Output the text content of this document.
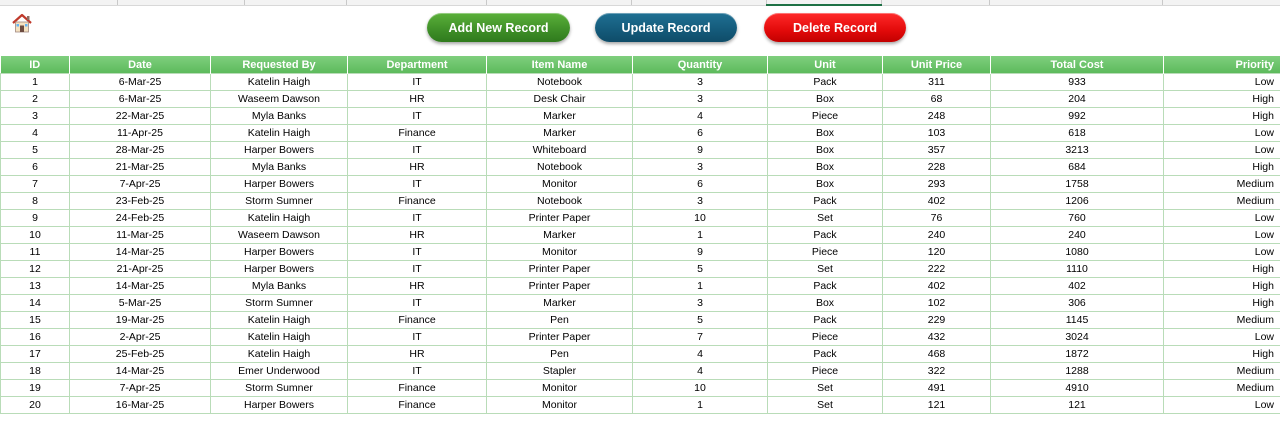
Add New Record	Update Record	Delete Record
ID	Date	Requested By	Department	Item Name	Quantity	Unit	Unit Price	Total Cost	Priority
1	6-Mar-25	Katelin Haigh	IT	Notebook	3	Pack	311	933	Low
2	6-Mar-25	Waseem Dawson	HR	Desk Chair	3	Box	68	204	High
3	22-Mar-25	Myla Banks	IT	Marker	4	Piece	248	992	High
4	11-Apr-25	Katelin Haigh	Finance	Marker	6	Box	103	618	Low
5	28-Mar-25	Harper Bowers	IT	Whiteboard	9	Box	357	3213	Low
6	21-Mar-25	Myla Banks	HR	Notebook	3	Box	228	684	High
7	7-Apr-25	Harper Bowers	IT	Monitor	6	Box	293	1758	Medium
8	23-Feb-25	Storm Sumner	Finance	Notebook	3	Pack	402	1206	Medium
9	24-Feb-25	Katelin Haigh	IT	Printer Paper	10	Set	76	760	Low
10	11-Mar-25	Waseem Dawson	HR	Marker	1	Pack	240	240	Low
11	14-Mar-25	Harper Bowers	IT	Monitor	9	Piece	120	1080	Low
12	21-Apr-25	Harper Bowers	IT	Printer Paper	5	Set	222	1110	High
13	14-Mar-25	Myla Banks	HR	Printer Paper	1	Pack	402	402	High
14	5-Mar-25	Storm Sumner	IT	Marker	3	Box	102	306	High
15	19-Mar-25	Katelin Haigh	Finance	Pen	5	Pack	229	1145	Medium
16	2-Apr-25	Katelin Haigh	IT	Printer Paper	7	Piece	432	3024	Low
17	25-Feb-25	Katelin Haigh	HR	Pen	4	Pack	468	1872	High
18	14-Mar-25	Emer Underwood	IT	Stapler	4	Piece	322	1288	Medium
19	7-Apr-25	Storm Sumner	Finance	Monitor	10	Set	491	4910	Medium
20	16-Mar-25	Harper Bowers	Finance	Monitor	1	Set	121	121	Low
